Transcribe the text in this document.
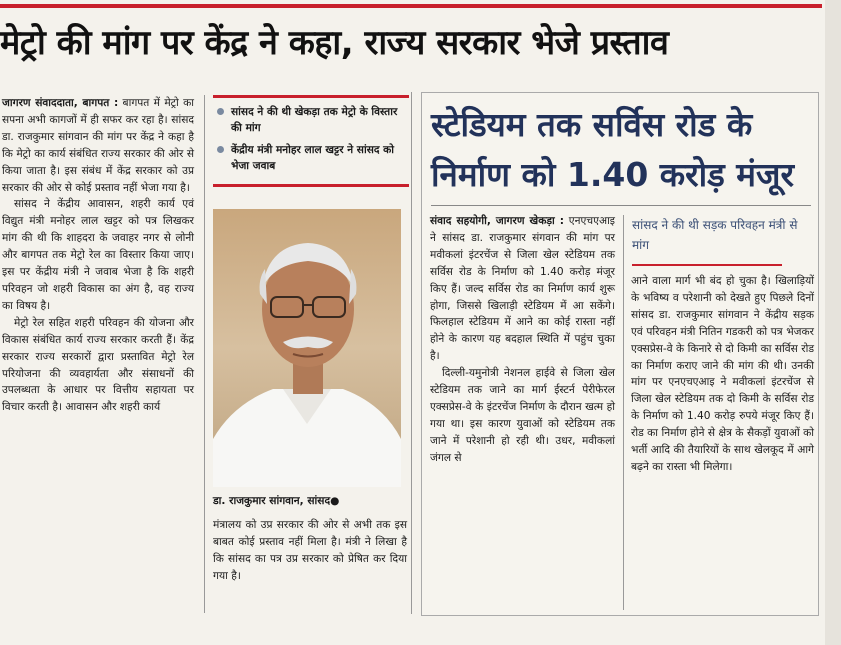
मेट्रो की मांग पर केंद्र ने कहा, राज्य सरकार भेजे प्रस्ताव

जागरण संवाददाता, बागपत : बागपत में मेट्रो का सपना अभी कागजों में ही सफर कर रहा है। सांसद डा. राजकुमार सांगवान की मांग पर केंद्र ने कहा है कि मेट्रो का कार्य संबंधित राज्य सरकार की ओर से किया जाता है। इस संबंध में केंद्र सरकार को उप्र सरकार की ओर से कोई प्रस्ताव नहीं भेजा गया है।

सांसद ने केंद्रीय आवासन, शहरी कार्य एवं विद्युत मंत्री मनोहर लाल खट्टर को पत्र लिखकर मांग की थी कि शाहदरा के जवाहर नगर से लोनी और बागपत तक मेट्रो रेल का विस्तार किया जाए। इस पर केंद्रीय मंत्री ने जवाब भेजा है कि शहरी परिवहन जो शहरी विकास का अंग है, वह राज्य का विषय है।

मेट्रो रेल सहित शहरी परिवहन की योजना और विकास संबंधित कार्य राज्य सरकार करती हैं। केंद्र सरकार राज्य सरकारों द्वारा प्रस्तावित मेट्रो रेल परियोजना की व्यवहार्यता और संसाधनों की उपलब्धता के आधार पर वित्तीय सहायता पर विचार करती है। आवासन और शहरी कार्य

सांसद ने की थी खेकड़ा तक मेट्रो के विस्तार की मांग
केंद्रीय मंत्री मनोहर लाल खट्टर ने सांसद को भेजा जवाब
डा. राजकुमार सांगवान, सांसद●

मंत्रालय को उप्र सरकार की ओर से अभी तक इस बाबत कोई प्रस्ताव नहीं मिला है। मंत्री ने लिखा है कि सांसद का पत्र उप्र सरकार को प्रेषित कर दिया गया है।

स्टेडियम तक सर्विस रोड के निर्माण को 1.40 करोड़ मंजूर

संवाद सहयोगी, जागरण खेकड़ा : एनएचएआइ ने सांसद डा. राजकुमार संगवान की मांग पर मवीकलां इंटरचेंज से जिला खेल स्टेडियम तक सर्विस रोड के निर्माण को 1.40 करोड़ मंजूर किए हैं। जल्द सर्विस रोड का निर्माण कार्य शुरू होगा, जिससे खिलाड़ी स्टेडियम में आ सकेंगे। फिलहाल स्टेडियम में आने का कोई रास्ता नहीं होने के कारण यह बदहाल स्थिति में पहुंच चुका है।

दिल्ली-यमुनोत्री नेशनल हाईवे से जिला खेल स्टेडियम तक जाने का मार्ग ईस्टर्न पेरीफेरल एक्सप्रेस-वे के इंटरचेंज निर्माण के दौरान खत्म हो गया था। इस कारण युवाओं को स्टेडियम तक जाने में परेशानी हो रही थी। उधर, मवीकलां जंगल से

सांसद ने की थी सड़क परिवहन मंत्री से मांग

आने वाला मार्ग भी बंद हो चुका है। खिलाड़ियों के भविष्य व परेशानी को देखते हुए पिछले दिनों सांसद डा. राजकुमार सांगवान ने केंद्रीय सड़क एवं परिवहन मंत्री नितिन गडकरी को पत्र भेजकर एक्सप्रेस-वे के किनारे से दो किमी का सर्विस रोड का निर्माण कराए जाने की मांग की थी। उनकी मांग पर एनएचएआइ ने मवीकलां इंटरचेंज से जिला खेल स्टेडियम तक दो किमी के सर्विस रोड के निर्माण को 1.40 करोड़ रुपये मंजूर किए हैं। रोड का निर्माण होने से क्षेत्र के सैकड़ों युवाओं को भर्ती आदि की तैयारियों के साथ खेलकूद में आगे बढ़ने का रास्ता भी मिलेगा।
